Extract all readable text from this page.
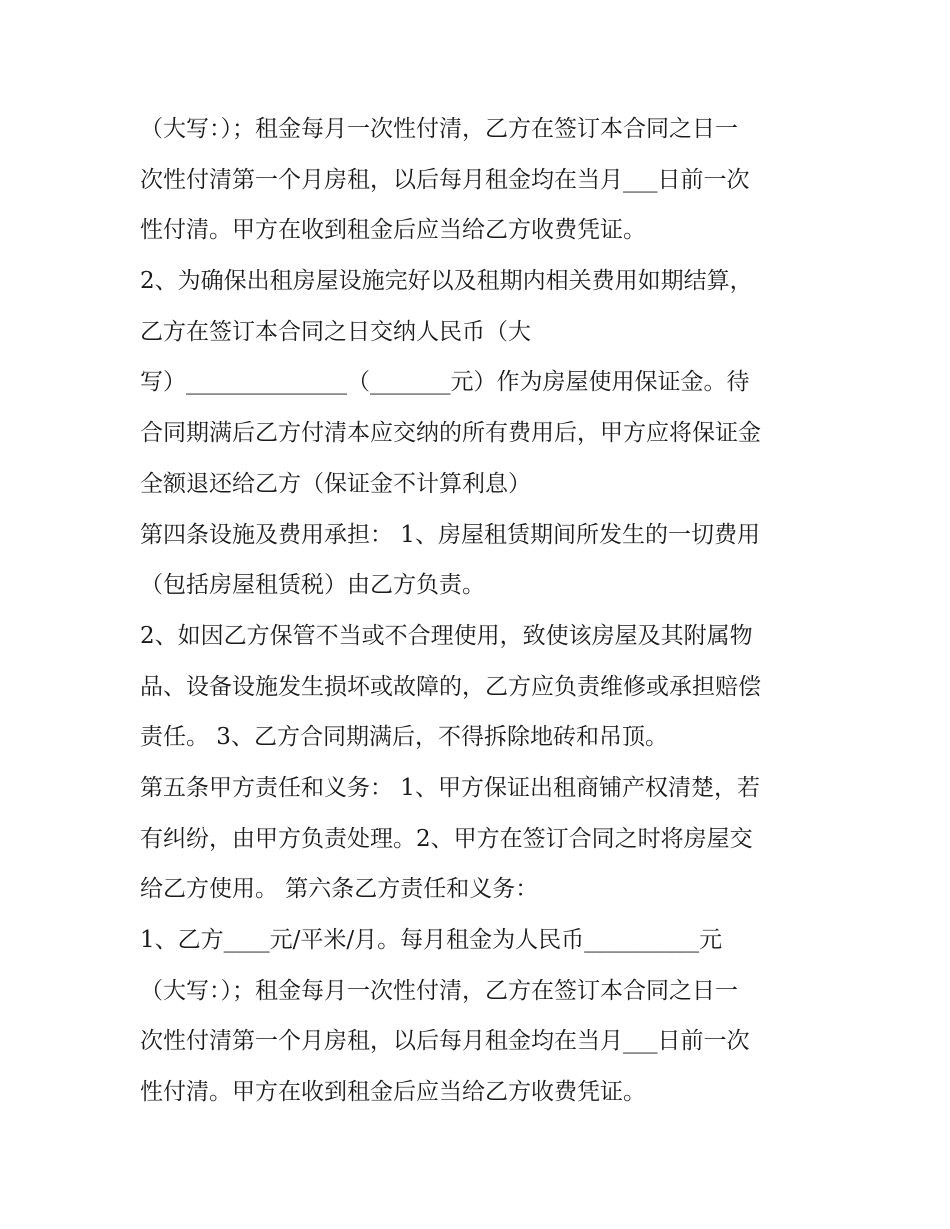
（大写：）；租金每月一次性付清，乙方在签订本合同之日一
次性付清第一个月房租，以后每月租金均在当月___日前一次
性付清。甲方在收到租金后应当给乙方收费凭证。
2、为确保出租房屋设施完好以及租期内相关费用如期结算，
乙方在签订本合同之日交纳人民币（大
写）______________（_______元）作为房屋使用保证金。待
合同期满后乙方付清本应交纳的所有费用后，甲方应将保证金
全额退还给乙方（保证金不计算利息）
第四条设施及费用承担： 1、房屋租赁期间所发生的一切费用
（包括房屋租赁税）由乙方负责。
2、如因乙方保管不当或不合理使用，致使该房屋及其附属物
品、设备设施发生损坏或故障的，乙方应负责维修或承担赔偿
责任。 3、乙方合同期满后，不得拆除地砖和吊顶。
第五条甲方责任和义务： 1、甲方保证出租商铺产权清楚，若
有纠纷，由甲方负责处理。2、甲方在签订合同之时将房屋交
给乙方使用。 第六条乙方责任和义务：
1、乙方____元/平米/月。每月租金为人民币__________元
（大写：）；租金每月一次性付清，乙方在签订本合同之日一
次性付清第一个月房租，以后每月租金均在当月___日前一次
性付清。甲方在收到租金后应当给乙方收费凭证。
